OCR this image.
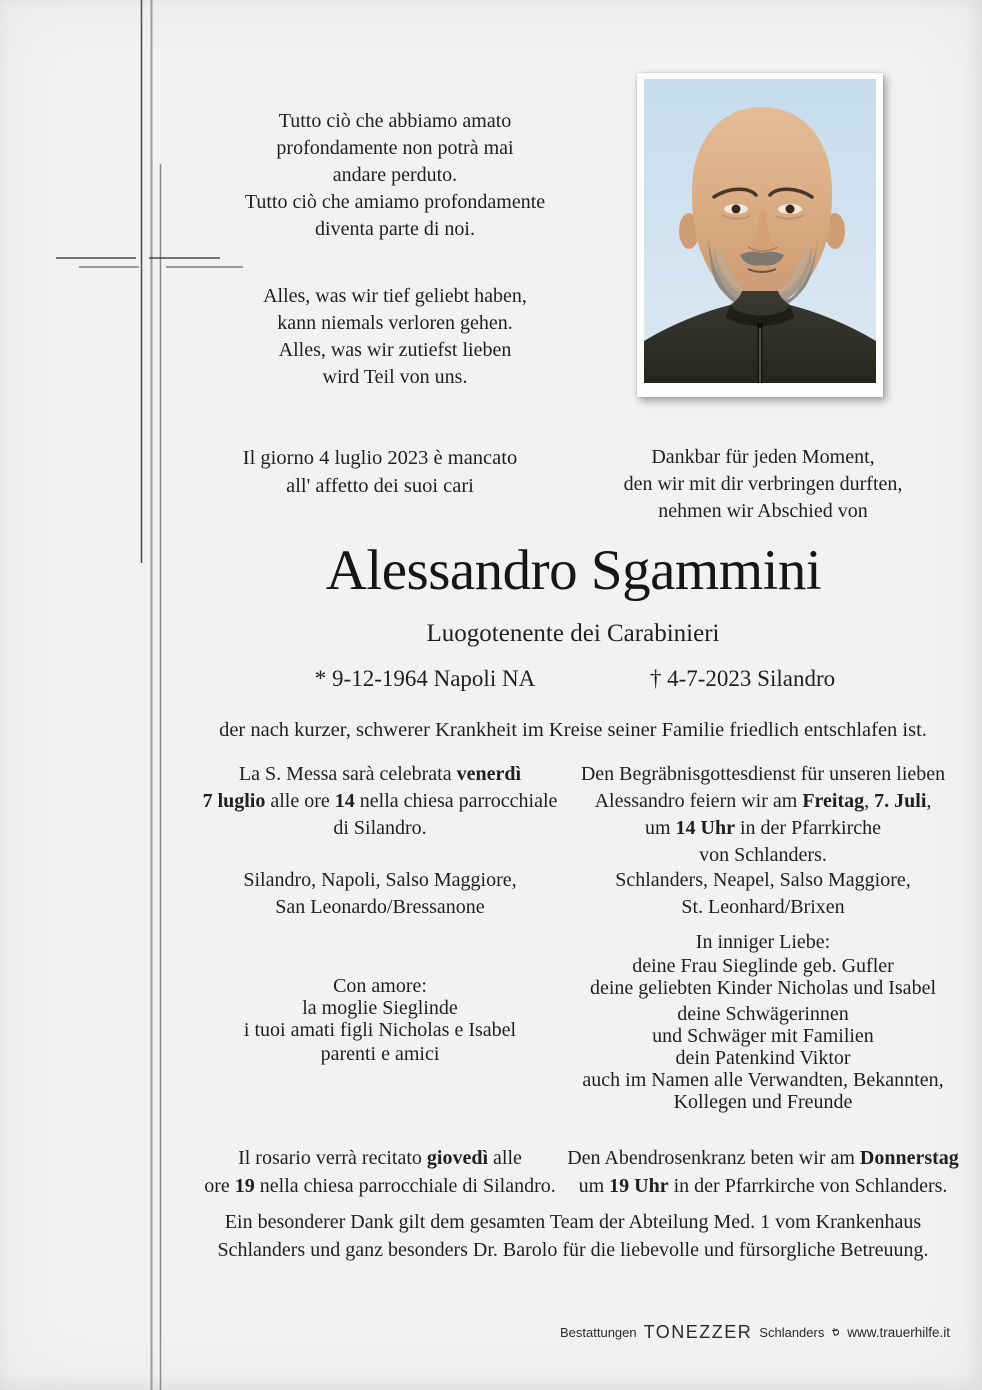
Tutto ciò che abbiamo amato
profondamente non potrà mai
andare perduto.
Tutto ciò che amiamo profondamente
diventa parte di noi.
Alles, was wir tief geliebt haben,
kann niemals verloren gehen.
Alles, was wir zutiefst lieben
wird Teil von uns.
Il giorno 4 luglio 2023 è mancato
all' affetto dei suoi cari
Dankbar für jeden Moment,
den wir mit dir verbringen durften,
nehmen wir Abschied von
Alessandro Sgammini
Luogotenente dei Carabinieri
* 9-12-1964 Napoli NA	† 4-7-2023 Silandro
der nach kurzer, schwerer Krankheit im Kreise seiner Familie friedlich entschlafen ist.
La S. Messa sarà celebrata venerdì
7 luglio alle ore 14 nella chiesa parrocchiale
di Silandro.
Den Begräbnisgottesdienst für unseren lieben
Alessandro feiern wir am Freitag, 7. Juli,
um 14 Uhr in der Pfarrkirche
von Schlanders.
Silandro, Napoli, Salso Maggiore,
San Leonardo/Bressanone
Schlanders, Neapel, Salso Maggiore,
St. Leonhard/Brixen
In inniger Liebe:
deine Frau Sieglinde geb. Gufler
deine geliebten Kinder Nicholas und Isabel
deine Schwägerinnen
und Schwäger mit Familien
dein Patenkind Viktor
auch im Namen alle Verwandten, Bekannten,
Kollegen und Freunde
Con amore:
la moglie Sieglinde
i tuoi amati figli Nicholas e Isabel
parenti e amici
Il rosario verrà recitato giovedì alle
ore 19 nella chiesa parrocchiale di Silandro.
Den Abendrosenkranz beten wir am Donnerstag
um 19 Uhr in der Pfarrkirche von Schlanders.
Ein besonderer Dank gilt dem gesamten Team der Abteilung Med. 1 vom Krankenhaus
Schlanders und ganz besonders Dr. Barolo für die liebevolle und fürsorgliche Betreuung.
Bestattungen TONEZZER Schlanders www.trauerhilfe.it
